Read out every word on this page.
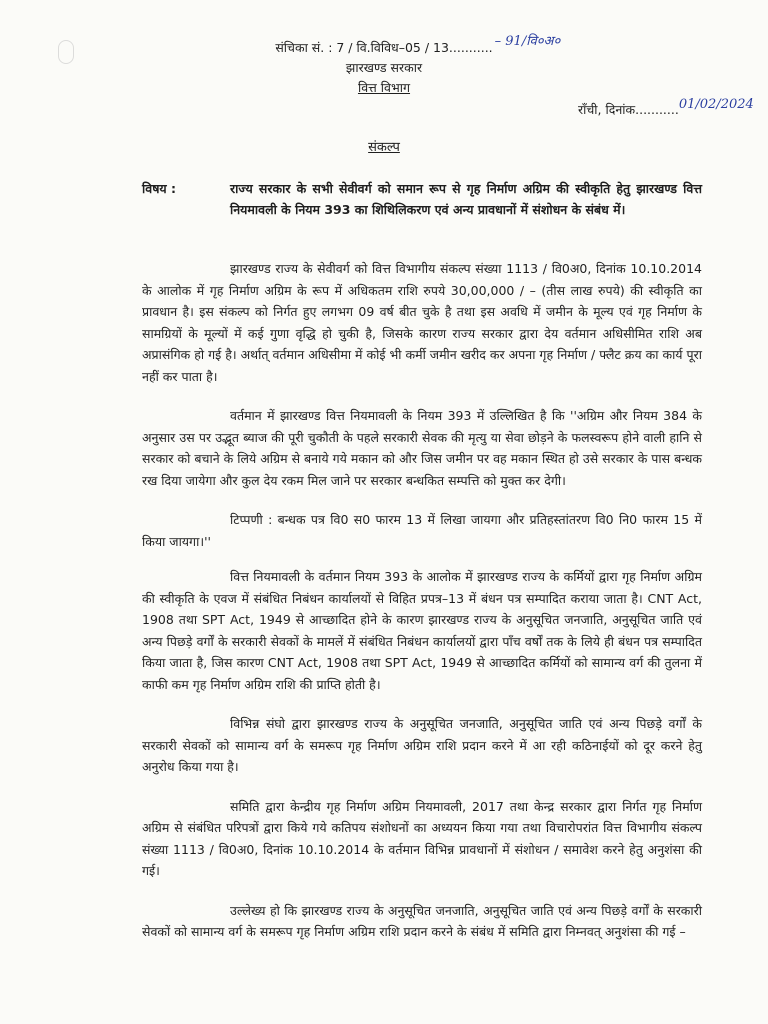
संचिका सं. : 7 / वि.विविध–05 / 13........... – 91/वि०अ०
झारखण्ड सरकार
वित्त विभाग
राँची, दिनांक...........01/02/2024
संकल्प
विषय :	राज्य सरकार के सभी सेवीवर्ग को समान रूप से गृह निर्माण अग्रिम की स्वीकृति हेतु झारखण्ड वित्त नियमावली के नियम 393 का शिथिलिकरण एवं अन्य प्रावधानों में संशोधन के संबंध में।

झारखण्ड राज्य के सेवीवर्ग को वित्त विभागीय संकल्प संख्या 1113 / वि0अ0, दिनांक 10.10.2014 के आलोक में गृह निर्माण अग्रिम के रूप में अधिकतम राशि रुपये 30,00,000 / – (तीस लाख रुपये) की स्वीकृति का प्रावधान है। इस संकल्प को निर्गत हुए लगभग 09 वर्ष बीत चुके है तथा इस अवधि में जमीन के मूल्य एवं गृह निर्माण के सामग्रियों के मूल्यों में कई गुणा वृद्धि हो चुकी है, जिसके कारण राज्य सरकार द्वारा देय वर्तमान अधिसीमित राशि अब अप्रासंगिक हो गई है। अर्थात् वर्तमान अधिसीमा में कोई भी कर्मी जमीन खरीद कर अपना गृह निर्माण / फ्लैट क्रय का कार्य पूरा नहीं कर पाता है।

वर्तमान में झारखण्ड वित्त नियमावली के नियम 393 में उल्लिखित है कि ''अग्रिम और नियम 384 के अनुसार उस पर उद्भूत ब्याज की पूरी चुकौती के पहले सरकारी सेवक की मृत्यु या सेवा छोड़ने के फलस्वरूप होने वाली हानि से सरकार को बचाने के लिये अग्रिम से बनाये गये मकान को और जिस जमीन पर वह मकान स्थित हो उसे सरकार के पास बन्धक रख दिया जायेगा और कुल देय रकम मिल जाने पर सरकार बन्धकित सम्पत्ति को मुक्त कर देगी।

टिप्पणी : बन्धक पत्र वि0 स0 फारम 13 में लिखा जायगा और प्रतिहस्तांतरण वि0 नि0 फारम 15 में किया जायगा।''

वित्त नियमावली के वर्तमान नियम 393 के आलोक में झारखण्ड राज्य के कर्मियों द्वारा गृह निर्माण अग्रिम की स्वीकृति के एवज में संबंधित निबंधन कार्यालयों से विहित प्रपत्र–13 में बंधन पत्र सम्पादित कराया जाता है। CNT Act, 1908 तथा SPT Act, 1949 से आच्छादित होने के कारण झारखण्ड राज्य के अनुसूचित जनजाति, अनुसूचित जाति एवं अन्य पिछड़े वर्गों के सरकारी सेवकों के मामलें में संबंधित निबंधन कार्यालयों द्वारा पाँच वर्षों तक के लिये ही बंधन पत्र सम्पादित किया जाता है, जिस कारण CNT Act, 1908 तथा SPT Act, 1949 से आच्छादित कर्मियों को सामान्य वर्ग की तुलना में काफी कम गृह निर्माण अग्रिम राशि की प्राप्ति होती है।

विभिन्न संघो द्वारा झारखण्ड राज्य के अनुसूचित जनजाति, अनुसूचित जाति एवं अन्य पिछड़े वर्गों के सरकारी सेवकों को सामान्य वर्ग के समरूप गृह निर्माण अग्रिम राशि प्रदान करने में आ रही कठिनाईयों को दूर करने हेतु अनुरोध किया गया है।

समिति द्वारा केन्द्रीय गृह निर्माण अग्रिम नियमावली, 2017 तथा केन्द्र सरकार द्वारा निर्गत गृह निर्माण अग्रिम से संबंधित परिपत्रों द्वारा किये गये कतिपय संशोधनों का अध्ययन किया गया तथा विचारोपरांत वित्त विभागीय संकल्प संख्या 1113 / वि0अ0, दिनांक 10.10.2014 के वर्तमान विभिन्न प्रावधानों में संशोधन / समावेश करने हेतु अनुशंसा की गई।

उल्लेख्य हो कि झारखण्ड राज्य के अनुसूचित जनजाति, अनुसूचित जाति एवं अन्य पिछड़े वर्गों के सरकारी सेवकों को सामान्य वर्ग के समरूप गृह निर्माण अग्रिम राशि प्रदान करने के संबंध में समिति द्वारा निम्नवत् अनुशंसा की गई –
